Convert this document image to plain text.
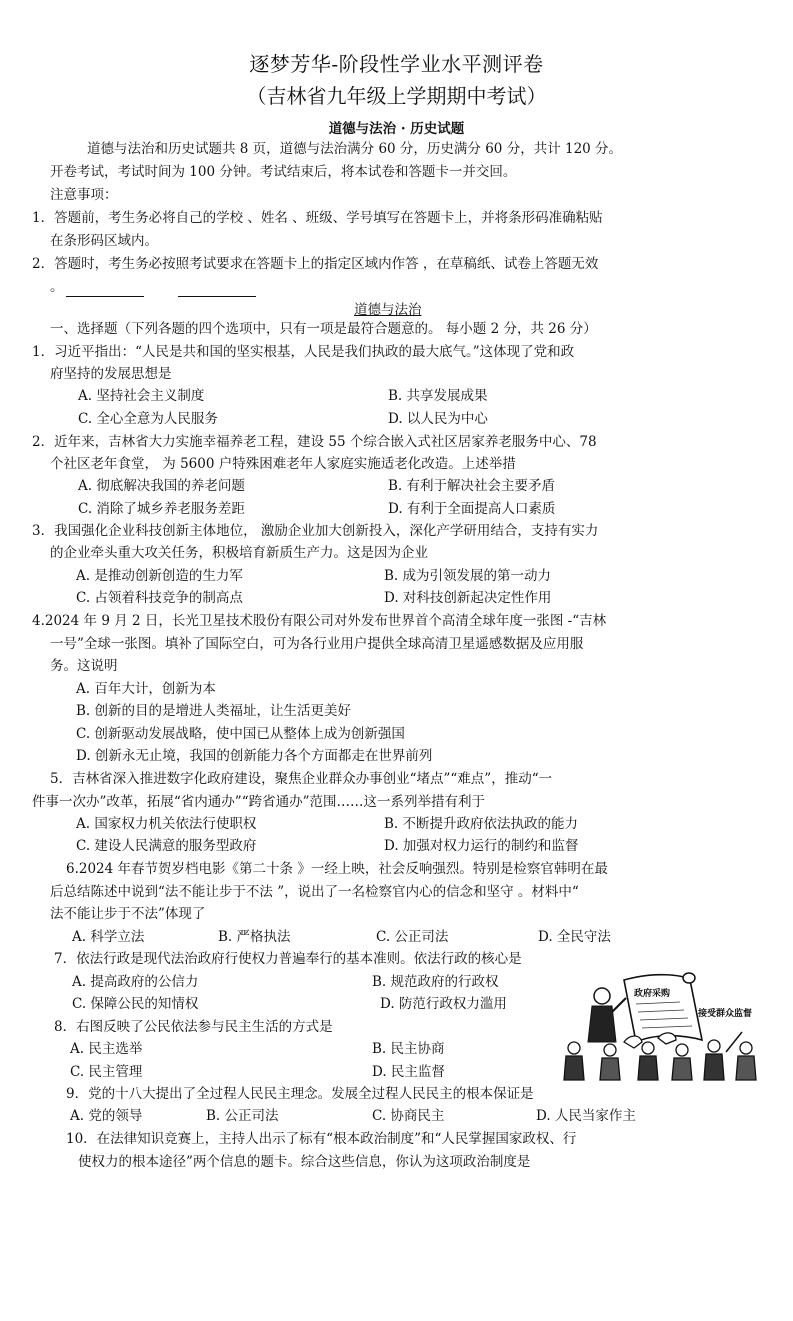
逐梦芳华-阶段性学业水平测评卷
（吉林省九年级上学期期中考试）
道德与法治 · 历史试题
道德与法治和历史试题共 8 页，道德与法治满分 60 分，历史满分 60 分，共计 120 分。
开卷考试，考试时间为 100 分钟。考试结束后，将本试卷和答题卡一并交回。
注意事项：
1．答题前，考生务必将自己的学校 、姓名 、班级、学号填写在答题卡上，并将条形码准确粘贴
在条形码区域内。
2．答题时，考生务必按照考试要求在答题卡上的指定区域内作答 ，在草稿纸、试卷上答题无效
。
道德与法治
一、选择题（下列各题的四个选项中，只有一项是最符合题意的。 每小题 2 分，共 26 分）
1．习近平指出：“人民是共和国的坚实根基，人民是我们执政的最大底气。”这体现了党和政
府坚持的发展思想是
A. 坚持社会主义制度	B. 共享发展成果
C. 全心全意为人民服务	D. 以人民为中心
2．近年来，吉林省大力实施幸福养老工程，建设 55 个综合嵌入式社区居家养老服务中心、78
个社区老年食堂， 为 5600 户特殊困难老年人家庭实施适老化改造。上述举措
A. 彻底解决我国的养老问题	B. 有利于解决社会主要矛盾
C. 消除了城乡养老服务差距	D. 有利于全面提高人口素质
3．我国强化企业科技创新主体地位， 激励企业加大创新投入，深化产学研用结合，支持有实力
的企业牵头重大攻关任务，积极培育新质生产力。这是因为企业
A. 是推动创新创造的生力军	B. 成为引领发展的第一动力
C. 占领着科技竞争的制高点	D. 对科技创新起决定性作用
4.2024 年 9 月 2 日，长光卫星技术股份有限公司对外发布世界首个高清全球年度一张图 -“吉林
一号”全球一张图。填补了国际空白，可为各行业用户提供全球高清卫星遥感数据及应用服
务。这说明
A. 百年大计，创新为本
B. 创新的目的是增进人类福址，让生活更美好
C. 创新驱动发展战略，使中国已从整体上成为创新强国
D. 创新永无止境，我国的创新能力各个方面都走在世界前列
5．吉林省深入推进数字化政府建设，聚焦企业群众办事创业“堵点”“难点”，推动“一
件事一次办”改革，拓展“省内通办”“跨省通办”范围……这一系列举措有利于
A. 国家权力机关依法行使职权	B. 不断提升政府依法执政的能力
C. 建设人民满意的服务型政府	D. 加强对权力运行的制约和监督
6.2024 年春节贺岁档电影《第二十条 》一经上映，社会反响强烈。特别是检察官韩明在最
后总结陈述中说到“法不能让步于不法 ”，说出了一名检察官内心的信念和坚守 。材料中“
法不能让步于不法”体现了
A. 科学立法	B. 严格执法	C. 公正司法	D. 全民守法
7．依法行政是现代法治政府行使权力普遍奉行的基本准则。依法行政的核心是
A. 提高政府的公信力	B. 规范政府的行政权
C. 保障公民的知情权	D. 防范行政权力滥用
8．右图反映了公民依法参与民主生活的方式是
A. 民主选举	B. 民主协商
C. 民主管理	D. 民主监督
9．党的十八大提出了全过程人民民主理念。发展全过程人民民主的根本保证是
A. 党的领导	B. 公正司法	C. 协商民主	D. 人民当家作主
10．在法律知识竞赛上，主持人出示了标有“根本政治制度”和“人民掌握国家政权、行
使权力的根本途径”两个信息的题卡。综合这些信息，你认为这项政治制度是
政府采购
接受群众监督
